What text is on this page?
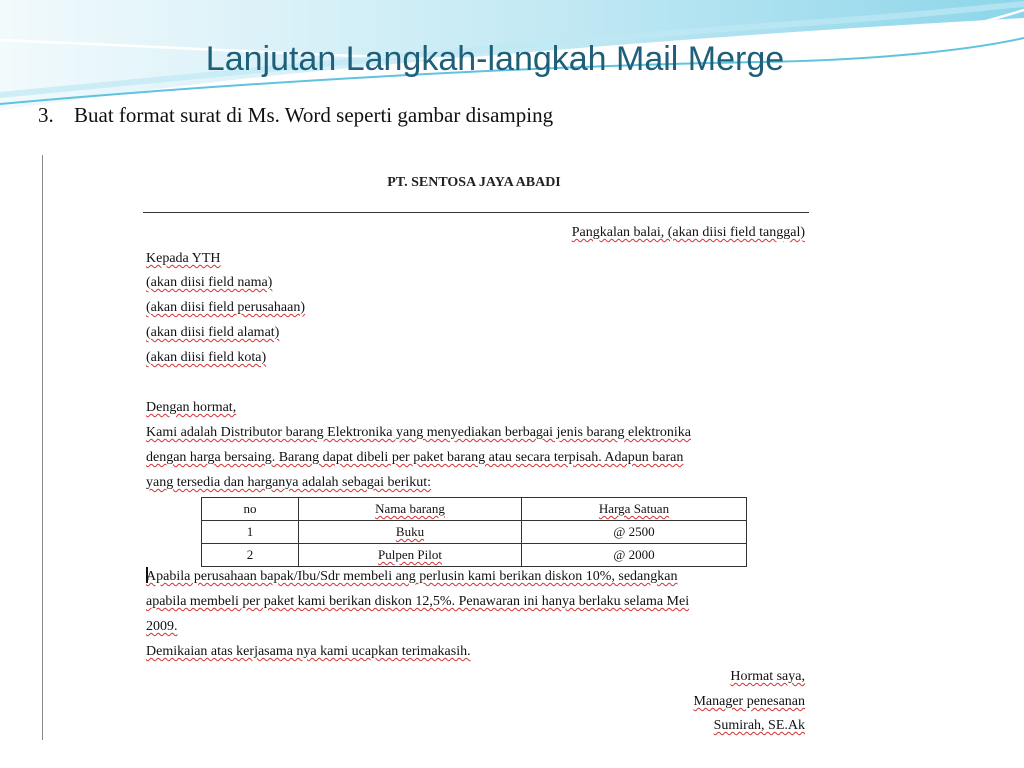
Lanjutan Langkah-langkah Mail Merge
3. Buat format surat di Ms. Word seperti gambar disamping
PT. SENTOSA JAYA ABADI
Pangkalan balai, (akan diisi field tanggal)
Kepada YTH
(akan diisi field nama)
(akan diisi field perusahaan)
(akan diisi field alamat)
(akan diisi field kota)
Dengan hormat,
Kami adalah Distributor barang Elektronika yang menyediakan berbagai jenis barang elektronika
dengan harga bersaing. Barang dapat dibeli per paket barang atau secara terpisah. Adapun baran
yang tersedia dan harganya adalah sebagai berikut:
no	Nama barang	Harga Satuan
1	Buku	@ 2500
2	Pulpen Pilot	@ 2000
Apabila perusahaan bapak/Ibu/Sdr membeli ang perlusin kami berikan diskon 10%, sedangkan
apabila membeli per paket kami berikan diskon 12,5%. Penawaran ini hanya berlaku selama Mei
2009.
Demikaian atas kerjasama nya kami ucapkan terimakasih.
Hormat saya,
Manager penesanan
Sumirah, SE.Ak
